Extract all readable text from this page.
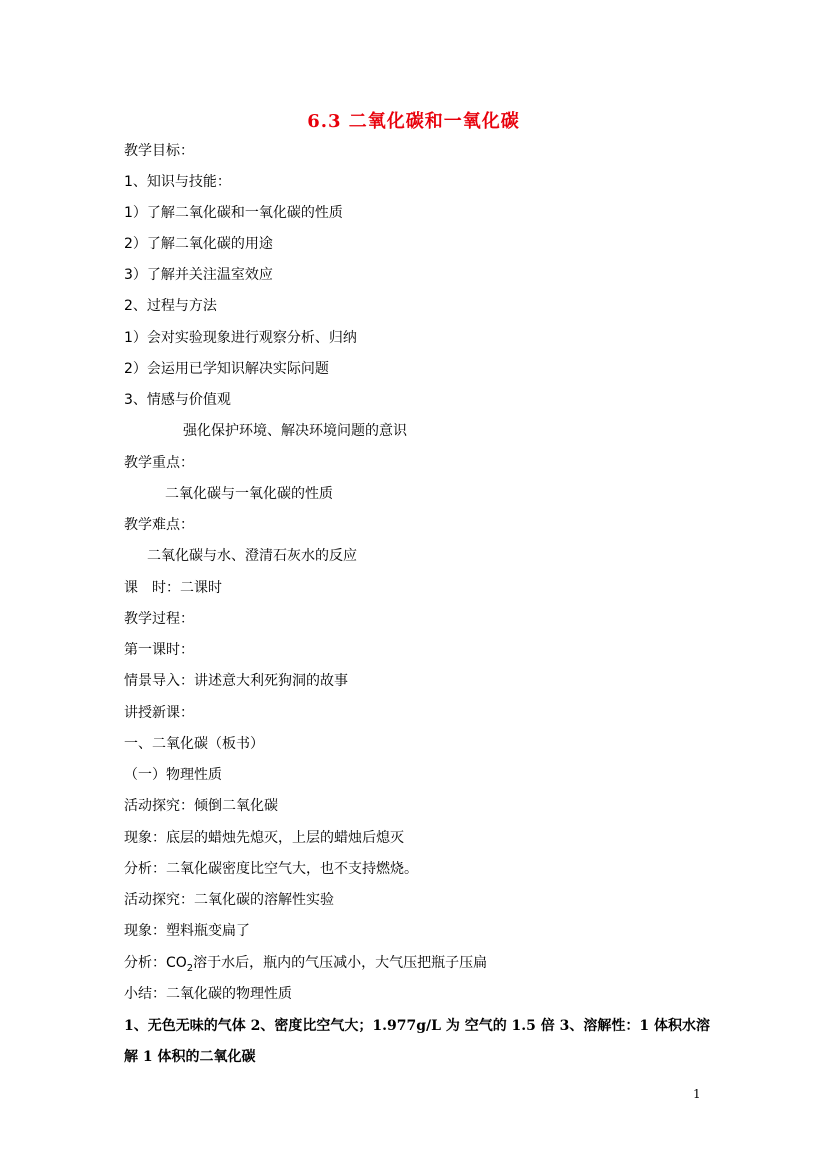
6.3 二氧化碳和一氧化碳
教学目标：
1、知识与技能：
1）了解二氧化碳和一氧化碳的性质
2）了解二氧化碳的用途
3）了解并关注温室效应
2、过程与方法
1）会对实验现象进行观察分析、归纳
2）会运用已学知识解决实际问题
3、情感与价值观
强化保护环境、解决环境问题的意识
教学重点：
二氧化碳与一氧化碳的性质
教学难点：
二氧化碳与水、澄清石灰水的反应
课　时：二课时
教学过程：
第一课时：
情景导入：讲述意大利死狗洞的故事
讲授新课：
一、二氧化碳（板书）
（一）物理性质
活动探究：倾倒二氧化碳
现象：底层的蜡烛先熄灭，上层的蜡烛后熄灭
分析：二氧化碳密度比空气大，也不支持燃烧。
活动探究：二氧化碳的溶解性实验
现象：塑料瓶变扁了
分析：$CO_2$溶于水后，瓶内的气压减小，大气压把瓶子压扁
小结：二氧化碳的物理性质
1、无色无味的气体 2、密度比空气大；1.977g/L 为 空气的 1.5 倍 3、溶解性：1 体积水溶
解 1 体积的二氧化碳
1
